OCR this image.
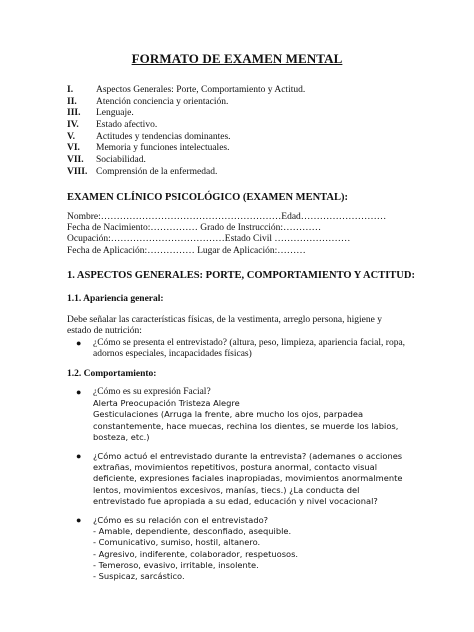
FORMATO DE EXAMEN MENTAL
I. Aspectos Generales: Porte, Comportamiento y Actitud.
II. Atención conciencia y orientación.
III. Lenguaje.
IV. Estado afectivo.
V. Actitudes y tendencias dominantes.
VI. Memoria y funciones intelectuales.
VII. Sociabilidad.
VIII. Comprensión de la enfermedad.
EXAMEN CLÍNICO PSICOLÓGICO (EXAMEN MENTAL):
Nombre:…………………………………………………Edad………………………
Fecha de Nacimiento:…………… Grado de Instrucción:…………
Ocupación:………………………………Estado Civil ……………………
Fecha de Aplicación:…………… Lugar de Aplicación:………
1. ASPECTOS GENERALES: PORTE, COMPORTAMIENTO Y ACTITUD:
1.1. Apariencia general:
Debe señalar las características físicas, de la vestimenta, arreglo persona, higiene y estado de nutrición:
● ¿Cómo se presenta el entrevistado? (altura, peso, limpieza, apariencia facial, ropa, adornos especiales, incapacidades físicas)
1.2. Comportamiento:
● ¿Cómo es su expresión Facial?
Alerta Preocupación Tristeza Alegre
Gesticulaciones (Arruga la frente, abre mucho los ojos, parpadea constantemente, hace muecas, rechina los dientes, se muerde los labios, bosteza, etc.)
● ¿Cómo actuó el entrevistado durante la entrevista? (ademanes o acciones extrañas, movimientos repetitivos, postura anormal, contacto visual deficiente, expresiones faciales inapropiadas, movimientos anormalmente lentos, movimientos excesivos, manías, tiecs.) ¿La conducta del entrevistado fue apropiada a su edad, educación y nivel vocacional?
● ¿Cómo es su relación con el entrevistado?
- Amable, dependiente, desconfiado, asequible.
- Comunicativo, sumiso, hostil, altanero.
- Agresivo, indiferente, colaborador, respetuosos.
- Temeroso, evasivo, irritable, insolente.
- Suspicaz, sarcástico.
